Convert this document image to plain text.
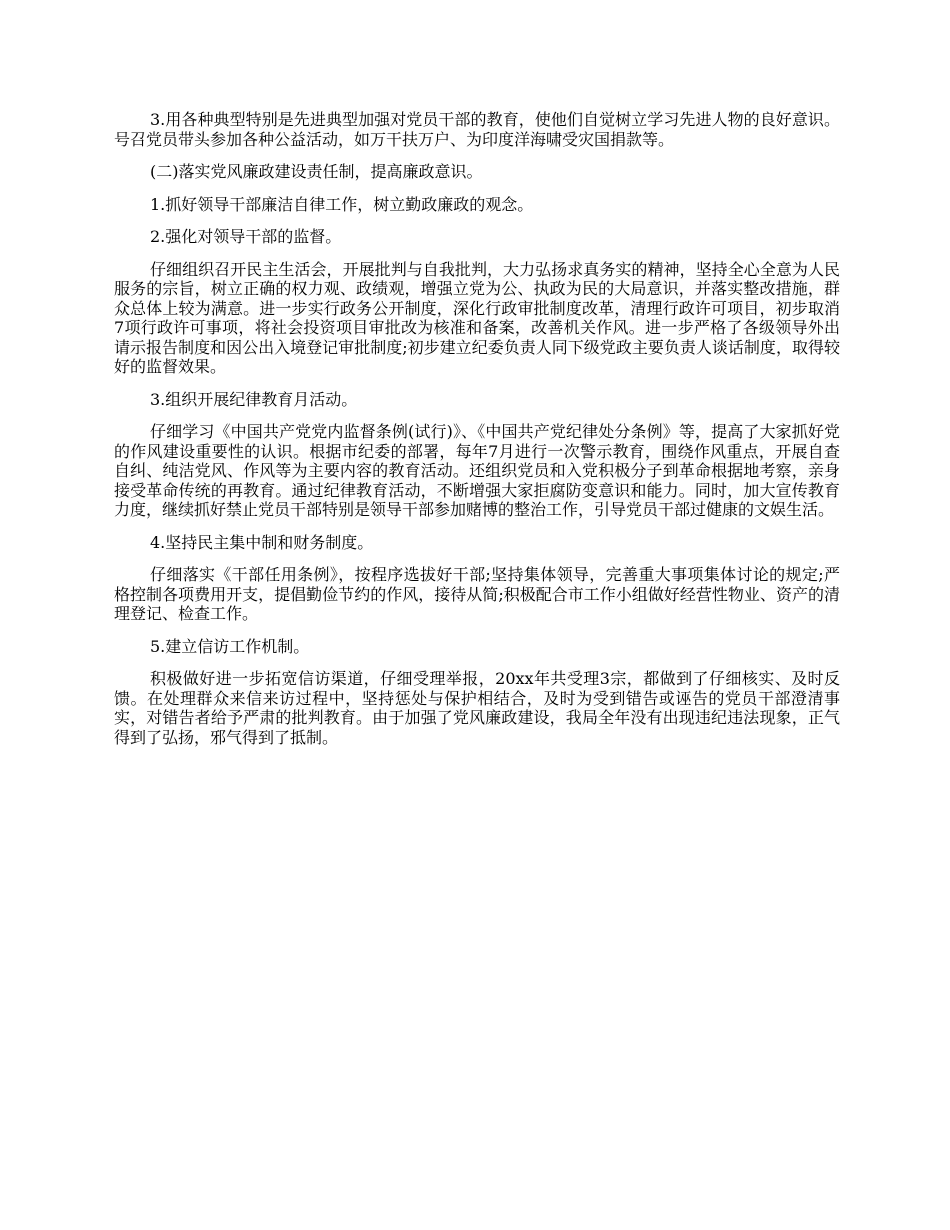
3.用各种典型特别是先进典型加强对党员干部的教育，使他们自觉树立学习先进人物的良好意识。号召党员带头参加各种公益活动，如万干扶万户、为印度洋海啸受灾国捐款等。

(二)落实党风廉政建设责任制，提高廉政意识。

1.抓好领导干部廉洁自律工作，树立勤政廉政的观念。

2.强化对领导干部的监督。

仔细组织召开民主生活会，开展批判与自我批判，大力弘扬求真务实的精神，坚持全心全意为人民服务的宗旨，树立正确的权力观、政绩观，增强立党为公、执政为民的大局意识，并落实整改措施，群众总体上较为满意。进一步实行政务公开制度，深化行政审批制度改革，清理行政许可项目，初步取消7项行政许可事项，将社会投资项目审批改为核准和备案，改善机关作风。进一步严格了各级领导外出请示报告制度和因公出入境登记审批制度;初步建立纪委负责人同下级党政主要负责人谈话制度，取得较好的监督效果。

3.组织开展纪律教育月活动。

仔细学习《中国共产党党内监督条例(试行)》、《中国共产党纪律处分条例》等，提高了大家抓好党的作风建设重要性的认识。根据市纪委的部署，每年7月进行一次警示教育，围绕作风重点，开展自查自纠、纯洁党风、作风等为主要内容的教育活动。还组织党员和入党积极分子到革命根据地考察，亲身接受革命传统的再教育。通过纪律教育活动，不断增强大家拒腐防变意识和能力。同时，加大宣传教育力度，继续抓好禁止党员干部特别是领导干部参加赌博的整治工作，引导党员干部过健康的文娱生活。

4.坚持民主集中制和财务制度。

仔细落实《干部任用条例》，按程序选拔好干部;坚持集体领导，完善重大事项集体讨论的规定;严格控制各项费用开支，提倡勤俭节约的作风，接待从简;积极配合市工作小组做好经营性物业、资产的清理登记、检查工作。

5.建立信访工作机制。

积极做好进一步拓宽信访渠道，仔细受理举报，20xx年共受理3宗，都做到了仔细核实、及时反馈。在处理群众来信来访过程中，坚持惩处与保护相结合，及时为受到错告或诬告的党员干部澄清事实，对错告者给予严肃的批判教育。由于加强了党风廉政建设，我局全年没有出现违纪违法现象，正气得到了弘扬，邪气得到了抵制。
